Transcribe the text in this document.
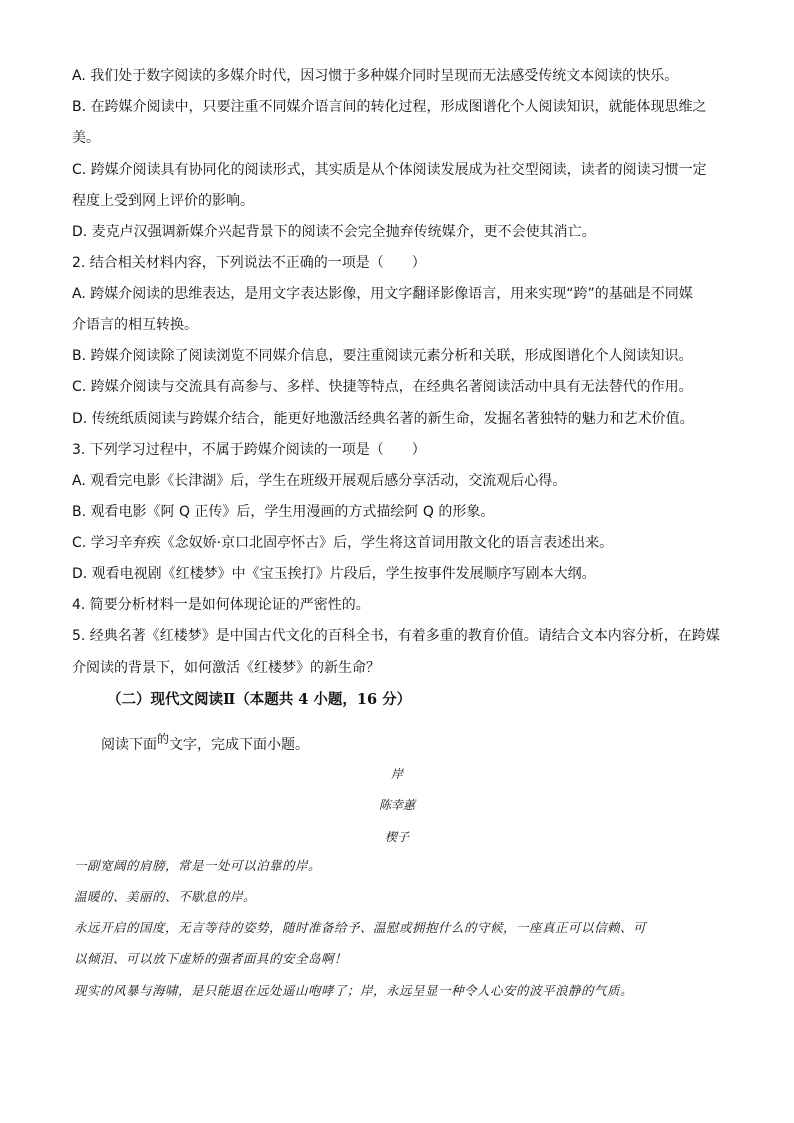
A. 我们处于数字阅读的多媒介时代，因习惯于多种媒介同时呈现而无法感受传统文本阅读的快乐。
B. 在跨媒介阅读中，只要注重不同媒介语言间的转化过程，形成图谱化个人阅读知识，就能体现思维之
美。
C. 跨媒介阅读具有协同化的阅读形式，其实质是从个体阅读发展成为社交型阅读，读者的阅读习惯一定
程度上受到网上评价的影响。
D. 麦克卢汉强调新媒介兴起背景下的阅读不会完全抛弃传统媒介，更不会使其消亡。
2. 结合相关材料内容，下列说法不正确的一项是（　　）
A. 跨媒介阅读的思维表达，是用文字表达影像，用文字翻译影像语言，用来实现“跨”的基础是不同媒
介语言的相互转换。
B. 跨媒介阅读除了阅读浏览不同媒介信息，要注重阅读元素分析和关联，形成图谱化个人阅读知识。
C. 跨媒介阅读与交流具有高参与、多样、快捷等特点，在经典名著阅读活动中具有无法替代的作用。
D. 传统纸质阅读与跨媒介结合，能更好地激活经典名著的新生命，发掘名著独特的魅力和艺术价值。
3. 下列学习过程中，不属于跨媒介阅读的一项是（　　）
A. 观看完电影《长津湖》后，学生在班级开展观后感分享活动，交流观后心得。
B. 观看电影《阿 Q 正传》后，学生用漫画的方式描绘阿 Q 的形象。
C. 学习辛弃疾《念奴娇·京口北固亭怀古》后，学生将这首词用散文化的语言表述出来。
D. 观看电视剧《红楼梦》中《宝玉挨打》片段后，学生按事件发展顺序写剧本大纲。
4. 简要分析材料一是如何体现论证的严密性的。
5. 经典名著《红楼梦》是中国古代文化的百科全书，有着多重的教育价值。请结合文本内容分析，在跨媒
介阅读的背景下，如何激活《红楼梦》的新生命？
（二）现代文阅读Ⅱ（本题共 4 小题，16 分）
阅读下面的文字，完成下面小题。
岸
陈幸蕙
楔子
一副宽阔的肩膀，常是一处可以泊靠的岸。
温暖的、美丽的、不歇息的岸。
永远开启的国度，无言等待的姿势，随时准备给予、温慰或拥抱什么的守候，一座真正可以信赖、可
以倾泪、可以放下虚矫的强者面具的安全岛啊！
现实的风暴与海啸，是只能退在远处遥山咆哮了；岸，永远呈显一种令人心安的波平浪静的气质。
